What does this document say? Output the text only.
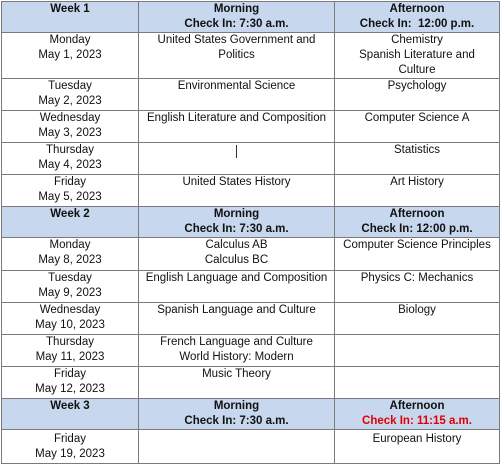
Week 1	Morning
Check In: 7:30 a.m.	Afternoon
Check In:  12:00 p.m.

Monday
May 1, 2023	United States Government and
Politics	Chemistry
Spanish Literature and
Culture

Tuesday
May 2, 2023	Environmental Science	Psychology

Wednesday
May 3, 2023	English Literature and Composition	Computer Science A

Thursday
May 4, 2023		Statistics

Friday
May 5, 2023	United States History	Art History

Week 2	Morning
Check In: 7:30 a.m.	Afternoon
Check In: 12:00 p.m.

Monday
May 8, 2023	Calculus AB
Calculus BC	Computer Science Principles

Tuesday
May 9, 2023	English Language and Composition	Physics C: Mechanics

Wednesday
May 10, 2023	Spanish Language and Culture	Biology

Thursday
May 11, 2023	French Language and Culture
World History: Modern	

Friday
May 12, 2023	Music Theory	

Week 3	Morning
Check In: 7:30 a.m.	Afternoon
Check In: 11:15 a.m.

Friday
May 19, 2023		European History
